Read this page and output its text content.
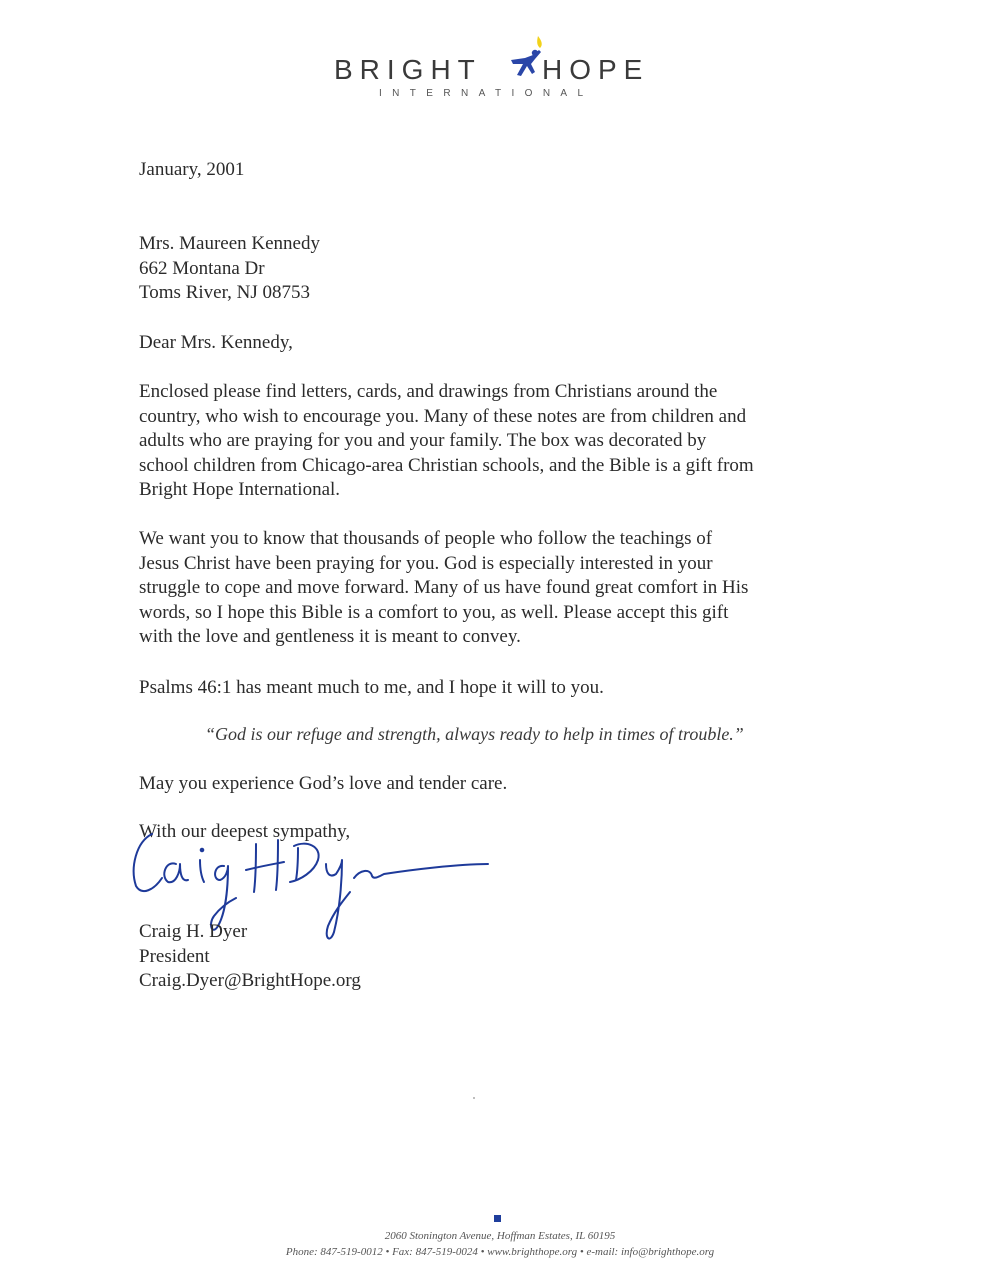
BRIGHT HOPE
INTERNATIONAL
January, 2001
Mrs. Maureen Kennedy
662 Montana Dr
Toms River, NJ 08753
Dear Mrs. Kennedy,
Enclosed please find letters, cards, and drawings from Christians around the
country, who wish to encourage you. Many of these notes are from children and
adults who are praying for you and your family. The box was decorated by
school children from Chicago-area Christian schools, and the Bible is a gift from
Bright Hope International.
We want you to know that thousands of people who follow the teachings of
Jesus Christ have been praying for you. God is especially interested in your
struggle to cope and move forward. Many of us have found great comfort in His
words, so I hope this Bible is a comfort to you, as well. Please accept this gift
with the love and gentleness it is meant to convey.
Psalms 46:1 has meant much to me, and I hope it will to you.
“God is our refuge and strength, always ready to help in times of trouble.”
May you experience God’s love and tender care.
With our deepest sympathy,
Craig H. Dyer
President
Craig.Dyer@BrightHope.org
2060 Stonington Avenue, Hoffman Estates, IL 60195
Phone: 847-519-0012 • Fax: 847-519-0024 • www.brighthope.org • e-mail: info@brighthope.org
